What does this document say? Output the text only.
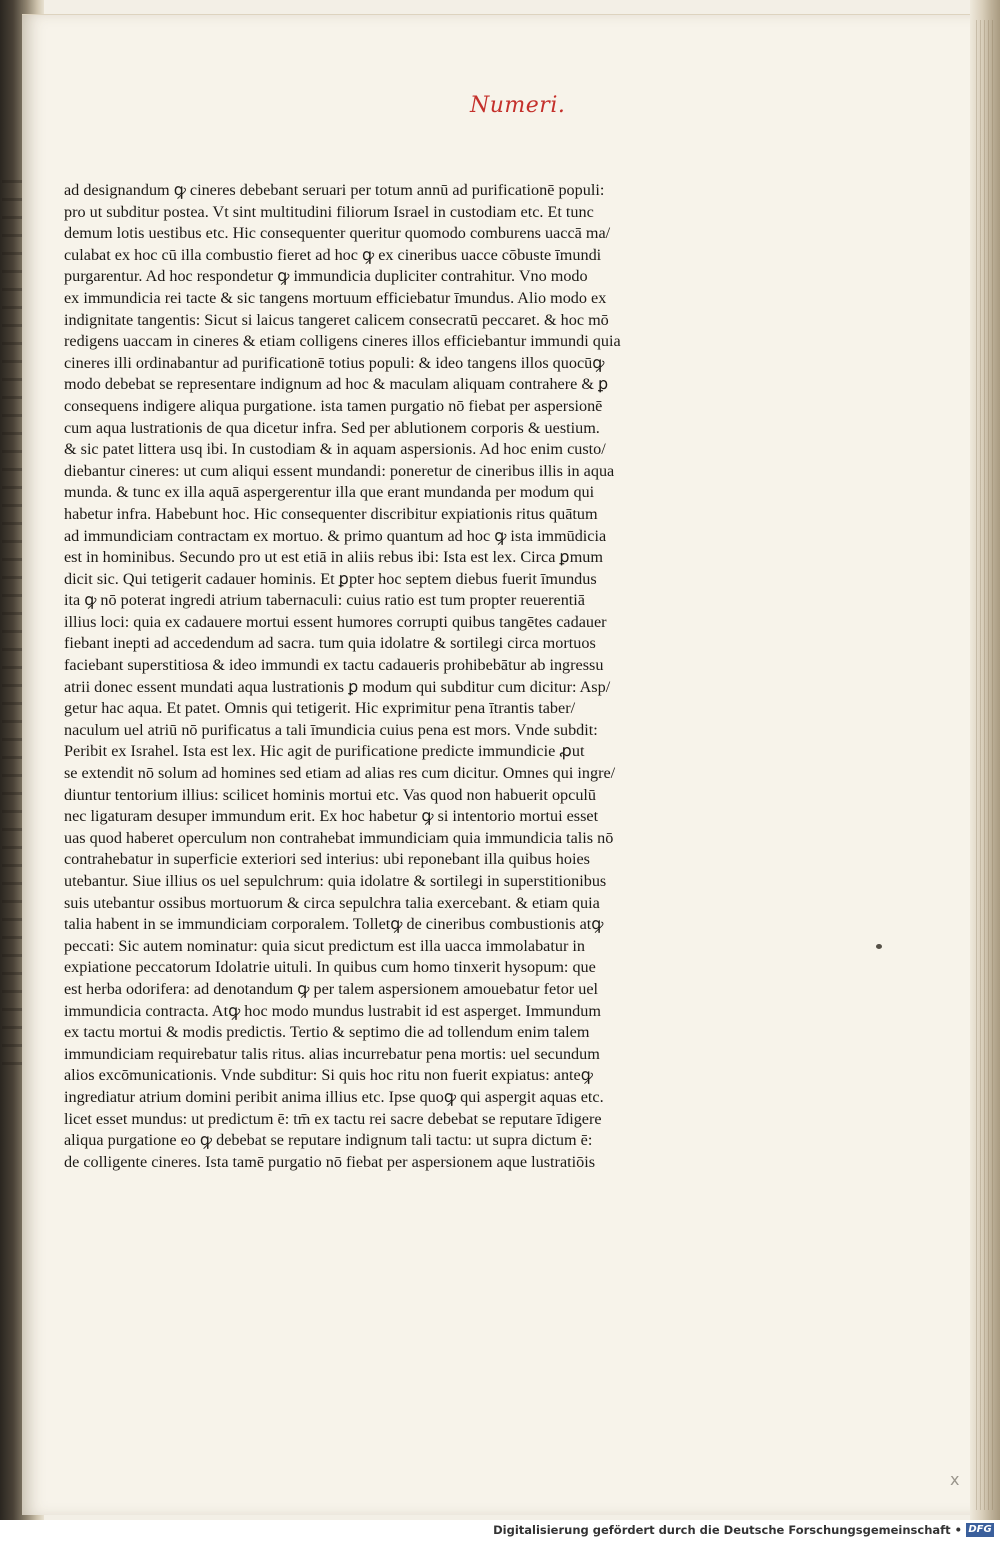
Numeri.
ad designandum ꝙ cineres debebant seruari per totum annū ad purificationē populi:
pro ut subditur postea. Vt sint multitudini filiorum Israel in custodiam etc. Et tunc
demum lotis uestibus etc. Hic consequenter queritur quomodo comburens uaccā ma/
culabat ex hoc cū illa combustio fieret ad hoc ꝙ ex cineribus uacce cōbuste īmundi
purgarentur. Ad hoc respondetur ꝙ immundicia dupliciter contrahitur. Vno modo
ex immundicia rei tacte & sic tangens mortuum efficiebatur īmundus. Alio modo ex
indignitate tangentis: Sicut si laicus tangeret calicem consecratū peccaret. & hoc mō
redigens uaccam in cineres & etiam colligens cineres illos efficiebantur immundi quia
cineres illi ordinabantur ad purificationē totius populi: & ideo tangens illos quocūꝙ
modo debebat se representare indignum ad hoc & maculam aliquam contrahere & ꝑ
consequens indigere aliqua purgatione. ista tamen purgatio nō fiebat per aspersionē
cum aqua lustrationis de qua dicetur infra. Sed per ablutionem corporis & uestium.
& sic patet littera usq ibi. In custodiam & in aquam aspersionis. Ad hoc enim custo/
diebantur cineres: ut cum aliqui essent mundandi: poneretur de cineribus illis in aqua
munda. & tunc ex illa aquā aspergerentur illa que erant mundanda per modum qui
habetur infra. Habebunt hoc. Hic consequenter discribitur expiationis ritus quātum
ad immundiciam contractam ex mortuo. & primo quantum ad hoc ꝙ ista immūdicia
est in hominibus. Secundo pro ut est etiā in aliis rebus ibi: Ista est lex. Circa ꝑmum
dicit sic. Qui tetigerit cadauer hominis. Et ꝑpter hoc septem diebus fuerit īmundus
ita ꝙ nō poterat ingredi atrium tabernaculi: cuius ratio est tum propter reuerentiā
illius loci: quia ex cadauere mortui essent humores corrupti quibus tangētes cadauer
fiebant inepti ad accedendum ad sacra. tum quia idolatre & sortilegi circa mortuos
faciebant superstitiosa & ideo immundi ex tactu cadaueris prohibebātur ab ingressu
atrii donec essent mundati aqua lustrationis ꝑ modum qui subditur cum dicitur: Asp/
getur hac aqua. Et patet. Omnis qui tetigerit. Hic exprimitur pena ītrantis taber/
naculum uel atriū nō purificatus a tali īmundicia cuius pena est mors. Vnde subdit:
Peribit ex Israhel. Ista est lex. Hic agit de purificatione predicte immundicie ꝓut
se extendit nō solum ad homines sed etiam ad alias res cum dicitur. Omnes qui ingre/
diuntur tentorium illius: scilicet hominis mortui etc. Vas quod non habuerit opculū
nec ligaturam desuper immundum erit. Ex hoc habetur ꝙ si intentorio mortui esset
uas quod haberet operculum non contrahebat immundiciam quia immundicia talis nō
contrahebatur in superficie exteriori sed interius: ubi reponebant illa quibus hoies
utebantur. Siue illius os uel sepulchrum: quia idolatre & sortilegi in superstitionibus
suis utebantur ossibus mortuorum & circa sepulchra talia exercebant. & etiam quia
talia habent in se immundiciam corporalem. Tolletꝙ de cineribus combustionis atꝙ
peccati: Sic autem nominatur: quia sicut predictum est illa uacca immolabatur in
expiatione peccatorum Idolatrie uituli. In quibus cum homo tinxerit hysopum: que
est herba odorifera: ad denotandum ꝙ per talem aspersionem amouebatur fetor uel
immundicia contracta. Atꝙ hoc modo mundus lustrabit id est asperget. Immundum
ex tactu mortui & modis predictis. Tertio & septimo die ad tollendum enim talem
immundiciam requirebatur talis ritus. alias incurrebatur pena mortis: uel secundum
alios excōmunicationis. Vnde subditur: Si quis hoc ritu non fuerit expiatus: anteꝙ
ingrediatur atrium domini peribit anima illius etc. Ipse quoꝙ qui aspergit aquas etc.
licet esset mundus: ut predictum ē: tm̄ ex tactu rei sacre debebat se reputare īdigere
aliqua purgatione eo ꝙ debebat se reputare indignum tali tactu: ut supra dictum ē:
de colligente cineres. Ista tamē purgatio nō fiebat per aspersionem aque lustratiōis
x
Digitalisierung gefördert durch die Deutsche Forschungsgemeinschaft • DFG
